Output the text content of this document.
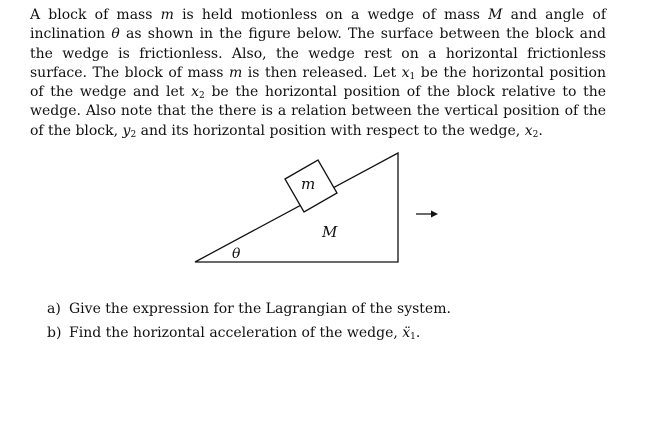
A block of mass m is held motionless on a wedge of mass M and angle of inclination θ as shown in the figure below. The surface between the block and the wedge is frictionless. Also, the wedge rest on a horizontal frictionless surface. The block of mass m is then released. Let $x_1$ be the horizontal position of the wedge and let $x_2$ be the horizontal position of the block relative to the wedge. Also note that the there is a relation between the vertical position of the of the block, $y_2$ and its horizontal position with respect to the wedge, $x_2$.

m
M
θ
a) Give the expression for the Lagrangian of the system.
b) Find the horizontal acceleration of the wedge, ẍ$_1$.
